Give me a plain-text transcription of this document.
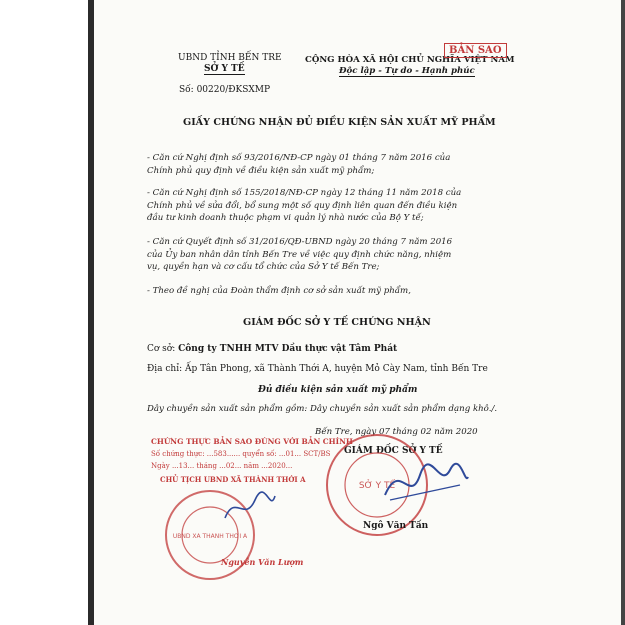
UBND TỈNH BẾN TRE
SỞ Y TẾ
Số: 00220/ĐKSXMP
CỘNG HÒA XÃ HỘI CHỦ NGHĨA VIỆT NAM
Độc lập - Tự do - Hạnh phúc
BẢN SAO
GIẤY CHỨNG NHẬN ĐỦ ĐIỀU KIỆN SẢN XUẤT MỸ PHẨM
- Căn cứ Nghị định số 93/2016/NĐ-CP ngày 01 tháng 7 năm 2016 của Chính phủ quy định về điều kiện sản xuất mỹ phẩm;
- Căn cứ Nghị định số 155/2018/NĐ-CP ngày 12 tháng 11 năm 2018 của Chính phủ về sửa đổi, bổ sung một số quy định liên quan đến điều kiện đầu tư kinh doanh thuộc phạm vi quản lý nhà nước của Bộ Y tế;
- Căn cứ Quyết định số 31/2016/QĐ-UBND ngày 20 tháng 7 năm 2016 của Ủy ban nhân dân tỉnh Bến Tre về việc quy định chức năng, nhiệm vụ, quyền hạn và cơ cấu tổ chức của Sở Y tế Bến Tre;
- Theo đề nghị của Đoàn thẩm định cơ sở sản xuất mỹ phẩm,
GIÁM ĐỐC SỞ Y TẾ CHỨNG NHẬN
Cơ sở: Công ty TNHH MTV Dầu thực vật Tâm Phát
Địa chỉ: Ấp Tân Phong, xã Thành Thới A, huyện Mỏ Cày Nam, tỉnh Bến Tre
Đủ điều kiện sản xuất mỹ phẩm
Dây chuyền sản xuất sản phẩm gồm: Dây chuyền sản xuất sản phẩm dạng khô./.
Bến Tre, ngày 07 tháng 02 năm 2020
GIÁM ĐỐC SỞ Y TẾ
SỞ Y TẾ
Ngô Văn Tấn
CHỨNG THỰC BẢN SAO ĐÚNG VỚI BẢN CHÍNH
Số chứng thực: ...583...... quyển số: ...01... SCT/BS
Ngày ...13... tháng ...02... năm ...2020...
CHỦ TỊCH UBND XÃ THÀNH THỚI A
UBND XÃ THÀNH THỚI A
Nguyễn Văn Lượm
